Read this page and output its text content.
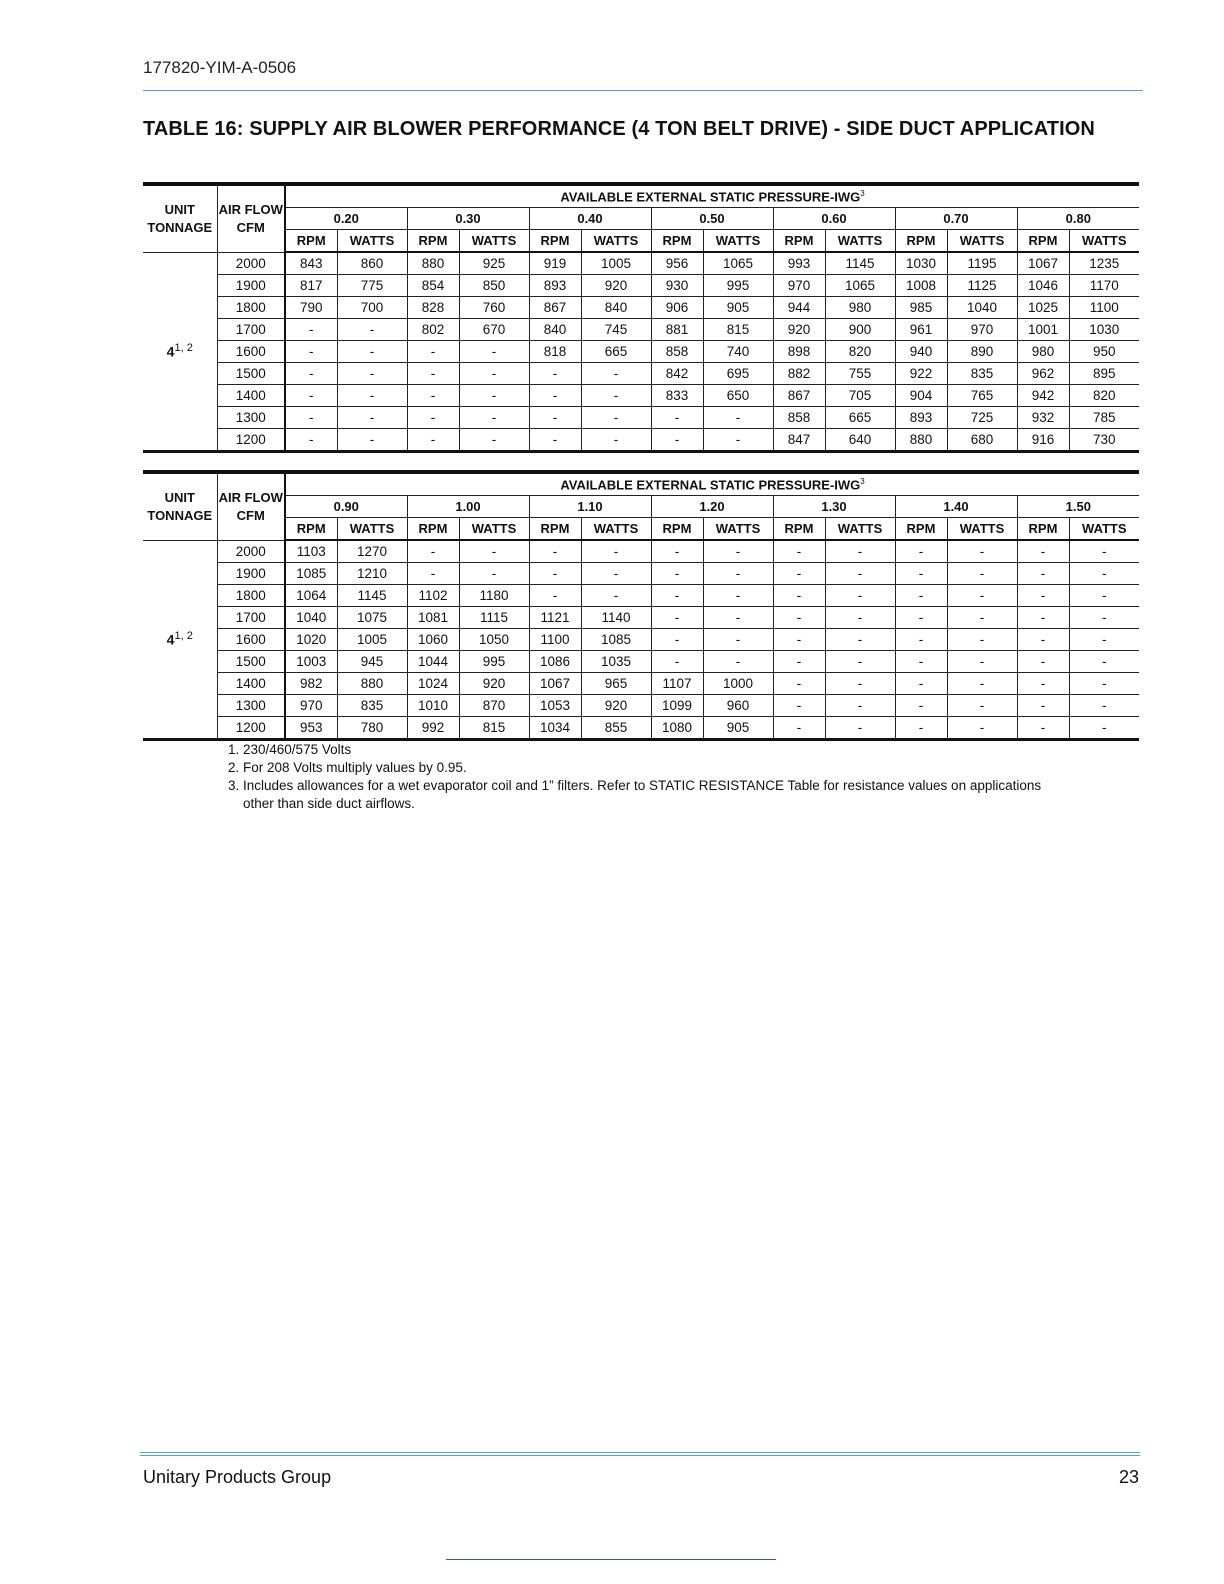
177820-YIM-A-0506
TABLE 16: SUPPLY AIR BLOWER PERFORMANCE (4 TON BELT DRIVE) - SIDE DUCT APPLICATION
UNIT TONNAGE	AIR FLOW CFM	AVAILABLE EXTERNAL STATIC PRESSURE-IWG$^3$
		0.20		0.30		0.40		0.50		0.60		0.70		0.80	
		RPM	WATTS	RPM	WATTS	RPM	WATTS	RPM	WATTS	RPM	WATTS	RPM	WATTS	RPM	WATTS
4$^{1, 2}$	2000	843	860	880	925	919	1005	956	1065	993	1145	1030	1195	1067	1235
	1900	817	775	854	850	893	920	930	995	970	1065	1008	1125	1046	1170
	1800	790	700	828	760	867	840	906	905	944	980	985	1040	1025	1100
	1700	-	-	802	670	840	745	881	815	920	900	961	970	1001	1030
	1600	-	-	-	-	818	665	858	740	898	820	940	890	980	950
	1500	-	-	-	-	-	-	842	695	882	755	922	835	962	895
	1400	-	-	-	-	-	-	833	650	867	705	904	765	942	820
	1300	-	-	-	-	-	-	-	-	858	665	893	725	932	785
	1200	-	-	-	-	-	-	-	-	847	640	880	680	916	730
UNIT TONNAGE	AIR FLOW CFM	AVAILABLE EXTERNAL STATIC PRESSURE-IWG$^3$
		0.90		1.00		1.10		1.20		1.30		1.40		1.50	
		RPM	WATTS	RPM	WATTS	RPM	WATTS	RPM	WATTS	RPM	WATTS	RPM	WATTS	RPM	WATTS
4$^{1, 2}$	2000	1103	1270	-	-	-	-	-	-	-	-	-	-	-	-
	1900	1085	1210	-	-	-	-	-	-	-	-	-	-	-	-
	1800	1064	1145	1102	1180	-	-	-	-	-	-	-	-	-	-
	1700	1040	1075	1081	1115	1121	1140	-	-	-	-	-	-	-	-
	1600	1020	1005	1060	1050	1100	1085	-	-	-	-	-	-	-	-
	1500	1003	945	1044	995	1086	1035	-	-	-	-	-	-	-	-
	1400	982	880	1024	920	1067	965	1107	1000	-	-	-	-	-	-
	1300	970	835	1010	870	1053	920	1099	960	-	-	-	-	-	-
	1200	953	780	992	815	1034	855	1080	905	-	-	-	-	-	-
1. 230/460/575 Volts
2. For 208 Volts multiply values by 0.95.
3. Includes allowances for a wet evaporator coil and 1” filters. Refer to STATIC RESISTANCE Table for resistance values on applications
other than side duct airflows.
Unitary Products Group	23
